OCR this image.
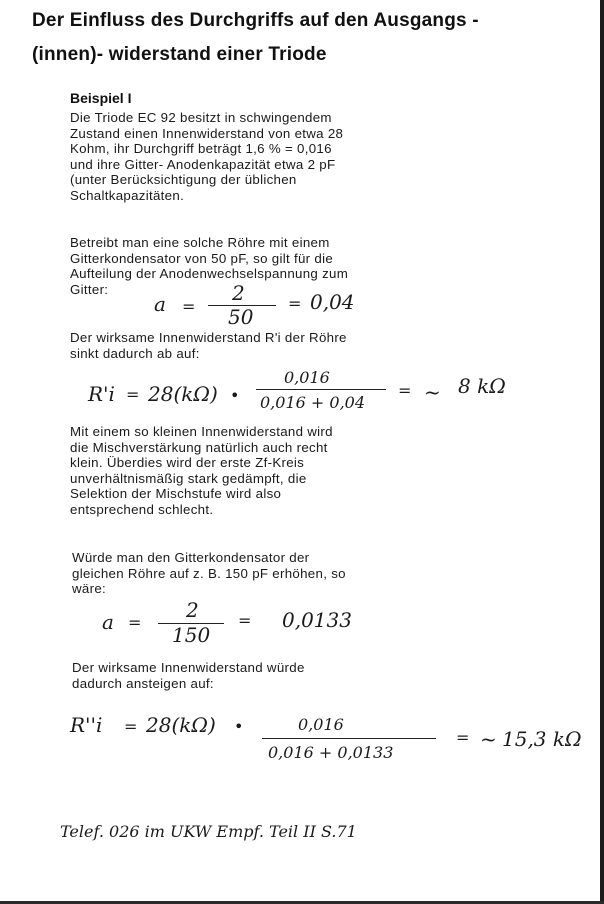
Der Einfluss des Durchgriffs auf den Ausgangs -
(innen)- widerstand einer Triode
Beispiel I
Die Triode EC 92 besitzt in schwingendem
Zustand einen Innenwiderstand von etwa 28
Kohm, ihr Durchgriff beträgt 1,6 % = 0,016
und ihre Gitter- Anodenkapazität etwa 2 pF
(unter Berücksichtigung der üblichen
Schaltkapazitäten.
Betreibt man eine solche Röhre mit einem
Gitterkondensator von 50 pF, so gilt für die
Aufteilung der Anodenwechselspannung zum
Gitter:
a =
2
50
= 0,04
Der wirksame Innenwiderstand R'i der Röhre
sinkt dadurch ab auf:
R'i = 28(kΩ) •
0,016
0,016 + 0,04
= ~ 8 kΩ
Mit einem so kleinen Innenwiderstand wird
die Mischverstärkung natürlich auch recht
klein. Überdies wird der erste Zf-Kreis
unverhältnismäßig stark gedämpft, die
Selektion der Mischstufe wird also
entsprechend schlecht.
Würde man den Gitterkondensator der
gleichen Röhre auf z. B. 150 pF erhöhen, so
wäre:
a =
2
150
= 0,0133
Der wirksame Innenwiderstand würde
dadurch ansteigen auf:
R''i = 28(kΩ) •	0,016
0,016 + 0,0133
= ~ 15,3 kΩ
Telef. 026 im UKW Empf. Teil II S.71
